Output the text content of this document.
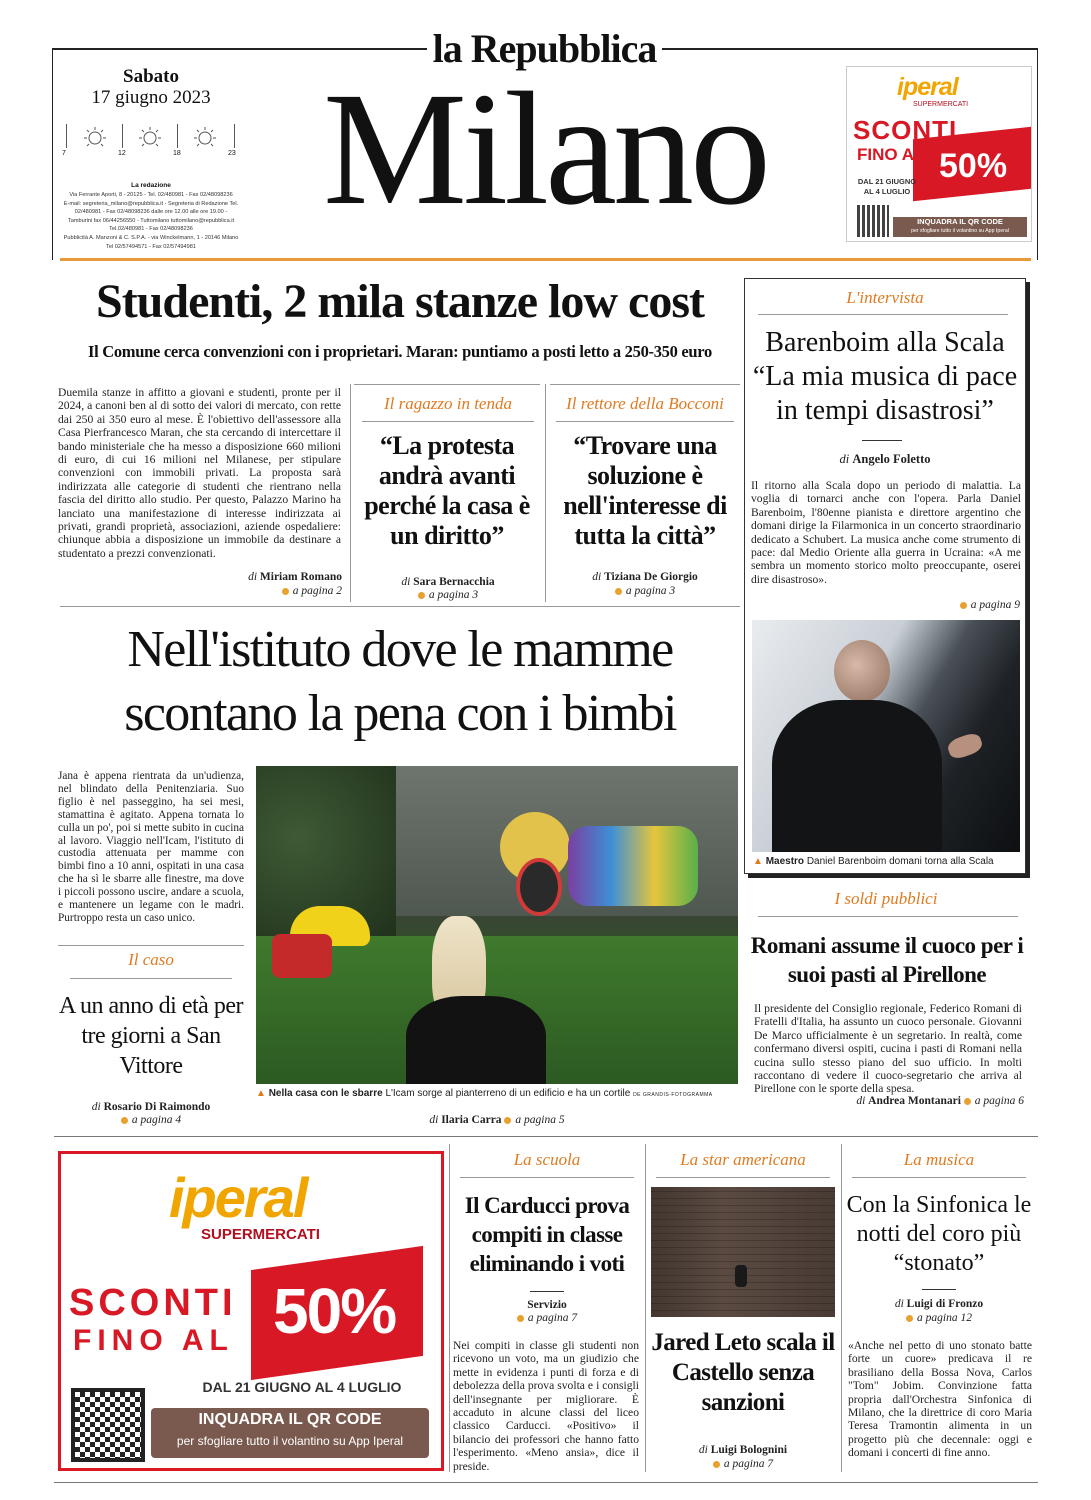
la Repubblica
Sabato
17 giugno 2023
7	12	18	23
La redazione
Via Ferrante Aporti, 8 - 20125 - Tel. 02/480981 - Fax 02/48098236
E-mail: segreteria_milano@repubblica.it - Segreteria di Redazione Tel.
02/480981 - Fax 02/48098236 dalle ore 12.00 alle ore 19.00 -
Tamburini fax 06/44256550 - Tuttomilano tuttomilano@repubblica.it
Tel.02/480981 - Fax 02/48098236
Pubblicità A. Manzoni & C. S.P.A. - via Winckelmann, 1 - 20146 Milano
Tel 02/57494571 - Fax 02/57494981
Milano	iperal
SUPERMERCATI
SCONTI
FINO AL 50%
DAL 21 GIUGNO
AL 4 LUGLIO
INQUADRA IL QR CODE
per sfogliare tutto il volantino su App Iperal
Studenti, 2 mila stanze low cost
Il Comune cerca convenzioni con i proprietari. Maran: puntiamo a posti letto a 250-350 euro
Duemila stanze in affitto a giovani e studenti, pronte per il 2024, a canoni ben al di sotto dei valori di mercato, con rette dai 250 ai 350 euro al mese. È l'obiettivo dell'assessore alla Casa Pierfrancesco Maran, che sta cercando di intercettare il bando ministeriale che ha messo a disposizione 660 milioni di euro, di cui 16 milioni nel Milanese, per stipulare convenzioni con immobili privati. La proposta sarà indirizzata alle categorie di studenti che rientrano nella fascia del diritto allo studio. Per questo, Palazzo Marino ha lanciato una manifestazione di interesse indirizzata ai privati, grandi proprietà, associazioni, aziende ospedaliere: chiunque abbia a disposizione un immobile da destinare a studentato a prezzi convenzionati.
di Miriam Romano
a pagina 2
Il ragazzo in tenda
“La protesta andrà avanti perché la casa è un diritto”
di Sara Bernacchia
a pagina 3
Il rettore della Bocconi
“Trovare una soluzione è nell'interesse di tutta la città”
di Tiziana De Giorgio
a pagina 3
L'intervista
Barenboim alla Scala “La mia musica di pace in tempi disastrosi”
di Angelo Foletto
Il ritorno alla Scala dopo un periodo di malattia. La voglia di tornarci anche con l'opera. Parla Daniel Barenboim, l'80enne pianista e direttore argentino che domani dirige la Filarmonica in un concerto straordinario dedicato a Schubert. La musica anche come strumento di pace: dal Medio Oriente alla guerra in Ucraina: «A me sembra un momento storico molto preoccupante, oserei dire disastroso».
a pagina 9
▲ Maestro Daniel Barenboim domani torna alla Scala
I soldi pubblici
Romani assume il cuoco per i suoi pasti al Pirellone
Il presidente del Consiglio regionale, Federico Romani di Fratelli d'Italia, ha assunto un cuoco personale. Giovanni De Marco ufficialmente è un segretario. In realtà, come confermano diversi ospiti, cucina i pasti di Romani nella cucina sullo stesso piano del suo ufficio. In molti raccontano di vedere il cuoco-segretario che arriva al Pirellone con le sporte della spesa.
di Andrea Montanari a pagina 6
Nell'istituto dove le mamme scontano la pena con i bimbi
Jana è appena rientrata da un'udienza, nel blindato della Penitenziaria. Suo figlio è nel passeggino, ha sei mesi, stamattina è agitato. Appena tornata lo culla un po', poi si mette subito in cucina al lavoro. Viaggio nell'Icam, l'istituto di custodia attenuata per mamme con bimbi fino a 10 anni, ospitati in una casa che ha sì le sbarre alle finestre, ma dove i piccoli possono uscire, andare a scuola, e mantenere un legame con le madri. Purtroppo resta un caso unico.
▲ Nella casa con le sbarre L'Icam sorge al pianterreno di un edificio e ha un cortile DE GRANDIS-FOTOGRAMMA
di Ilaria Carra a pagina 5
Il caso
A un anno di età per tre giorni a San Vittore
di Rosario Di Raimondo
a pagina 4
iperal
SUPERMERCATI
SCONTI
FINO AL 50%
DAL 21 GIUGNO AL 4 LUGLIO
INQUADRA IL QR CODE
per sfogliare tutto il volantino su App Iperal
La scuola
Il Carducci prova compiti in classe eliminando i voti
Servizio
a pagina 7
Nei compiti in classe gli studenti non ricevono un voto, ma un giudizio che mette in evidenza i punti di forza e di debolezza della prova svolta e i consigli dell'insegnante per migliorare. È accaduto in alcune classi del liceo classico Carducci. «Positivo» il bilancio dei professori che hanno fatto l'esperimento. «Meno ansia», dice il preside.
La star americana
Jared Leto scala il Castello senza sanzioni
di Luigi Bolognini
a pagina 7
La musica
Con la Sinfonica le notti del coro più “stonato”
di Luigi di Fronzo
a pagina 12
«Anche nel petto di uno stonato batte forte un cuore» predicava il re brasiliano della Bossa Nova, Carlos "Tom" Jobim. Convinzione fatta propria dall'Orchestra Sinfonica di Milano, che la direttrice di coro Maria Teresa Tramontin alimenta in un progetto più che decennale: oggi e domani i concerti di fine anno.
